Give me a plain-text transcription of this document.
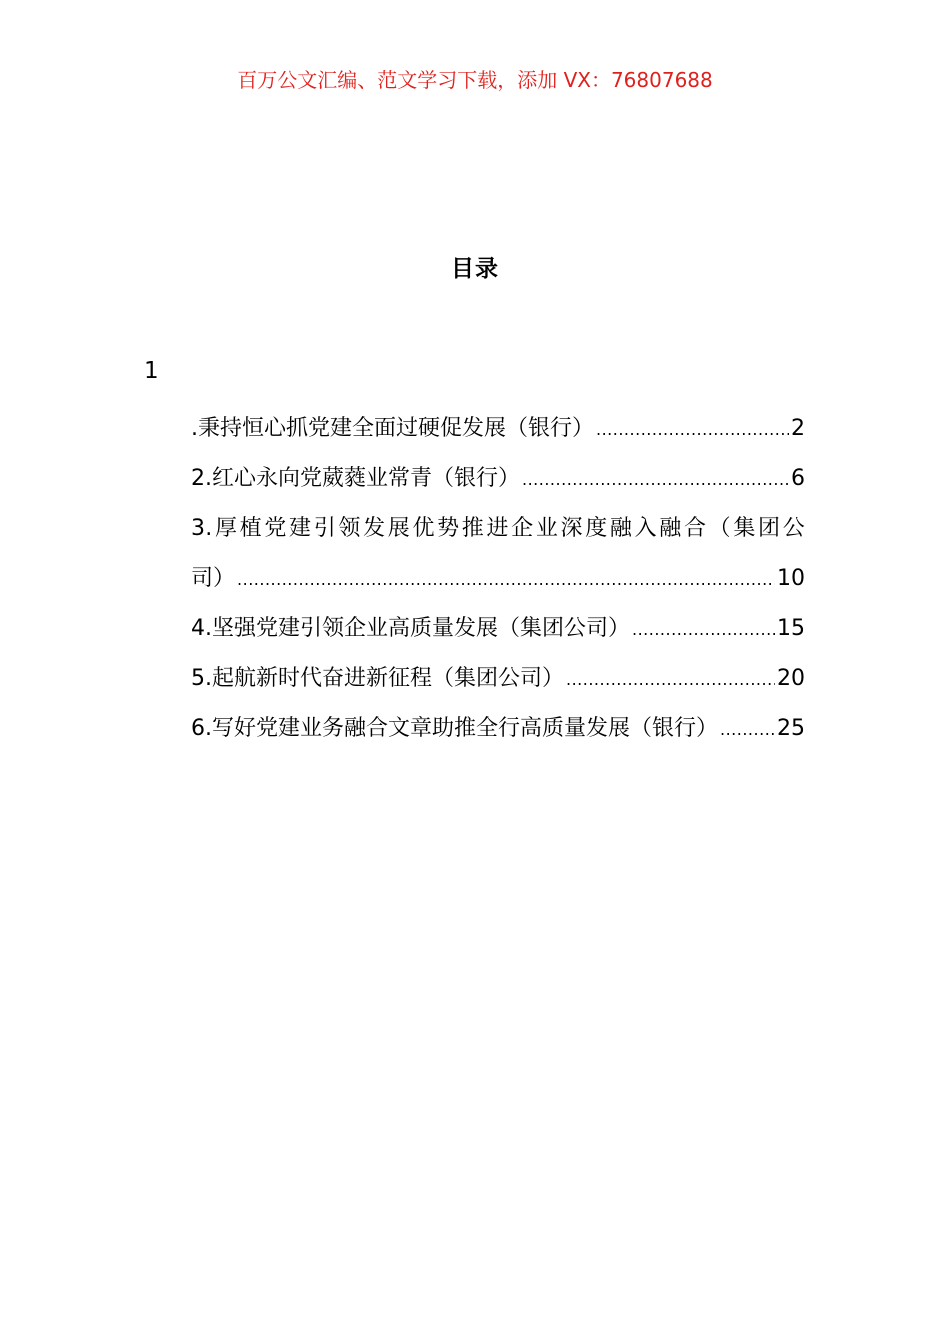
百万公文汇编、范文学习下载，添加 VX：76807688
目录
1
.秉持恒心抓党建全面过硬促发展（银行） .....	2
2.红心永向党葳蕤业常青（银行） .....	6
3.厚植党建引领发展优势推进企业深度融入融合（集团公
司） .....	10
4.坚强党建引领企业高质量发展（集团公司） .....	15
5.起航新时代奋进新征程（集团公司） .....	20
6.写好党建业务融合文章助推全行高质量发展（银行） .....	25
